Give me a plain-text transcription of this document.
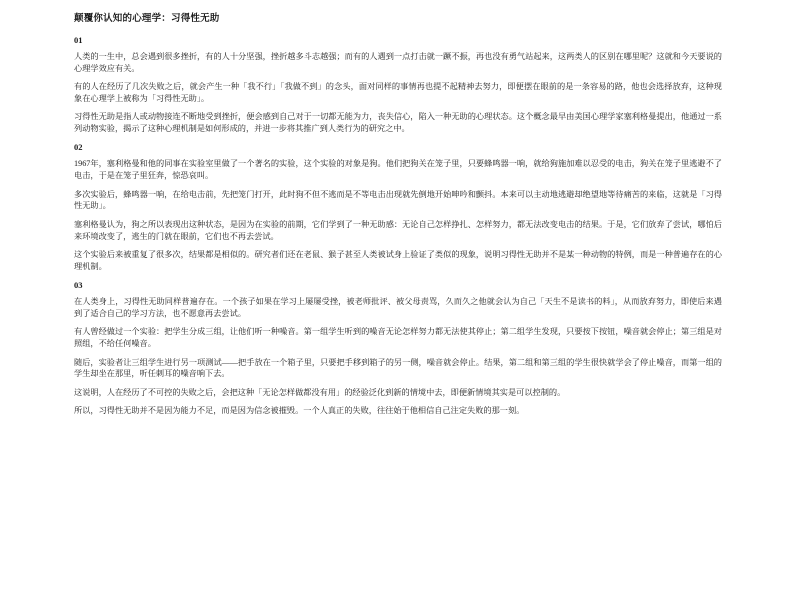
颠覆你认知的心理学：习得性无助
01

人类的一生中，总会遇到很多挫折，有的人十分坚强，挫折越多斗志越强；而有的人遇到一点打击就一蹶不振，再也没有勇气站起来，这两类人的区别在哪里呢？这就和今天要说的心理学效应有关。

有的人在经历了几次失败之后，就会产生一种「我不行」「我做不到」的念头，面对同样的事情再也提不起精神去努力，即便摆在眼前的是一条容易的路，他也会选择放弃，这种现象在心理学上被称为「习得性无助」。

习得性无助是指人或动物接连不断地受到挫折，便会感到自己对于一切都无能为力，丧失信心，陷入一种无助的心理状态。这个概念最早由美国心理学家塞利格曼提出，他通过一系列动物实验，揭示了这种心理机制是如何形成的，并进一步将其推广到人类行为的研究之中。

02

1967年，塞利格曼和他的同事在实验室里做了一个著名的实验，这个实验的对象是狗。他们把狗关在笼子里，只要蜂鸣器一响，就给狗施加难以忍受的电击，狗关在笼子里逃避不了电击，于是在笼子里狂奔，惊恐哀叫。

多次实验后，蜂鸣器一响，在给电击前，先把笼门打开，此时狗不但不逃而是不等电击出现就先倒地开始呻吟和颤抖。本来可以主动地逃避却绝望地等待痛苦的来临，这就是「习得性无助」。

塞利格曼认为，狗之所以表现出这种状态，是因为在实验的前期，它们学到了一种无助感：无论自己怎样挣扎、怎样努力，都无法改变电击的结果。于是，它们放弃了尝试，哪怕后来环境改变了，逃生的门就在眼前，它们也不再去尝试。

这个实验后来被重复了很多次，结果都是相似的。研究者们还在老鼠、猴子甚至人类被试身上验证了类似的现象，说明习得性无助并不是某一种动物的特例，而是一种普遍存在的心理机制。

03

在人类身上，习得性无助同样普遍存在。一个孩子如果在学习上屡屡受挫，被老师批评、被父母责骂，久而久之他就会认为自己「天生不是读书的料」，从而放弃努力，即使后来遇到了适合自己的学习方法，也不愿意再去尝试。

有人曾经做过一个实验：把学生分成三组，让他们听一种噪音。第一组学生听到的噪音无论怎样努力都无法使其停止；第二组学生发现，只要按下按钮，噪音就会停止；第三组是对照组，不给任何噪音。

随后，实验者让三组学生进行另一项测试——把手放在一个箱子里，只要把手移到箱子的另一侧，噪音就会停止。结果，第二组和第三组的学生很快就学会了停止噪音，而第一组的学生却坐在那里，听任刺耳的噪音响下去。

这说明，人在经历了不可控的失败之后，会把这种「无论怎样做都没有用」的经验泛化到新的情境中去，即便新情境其实是可以控制的。

所以，习得性无助并不是因为能力不足，而是因为信念被摧毁。一个人真正的失败，往往始于他相信自己注定失败的那一刻。
